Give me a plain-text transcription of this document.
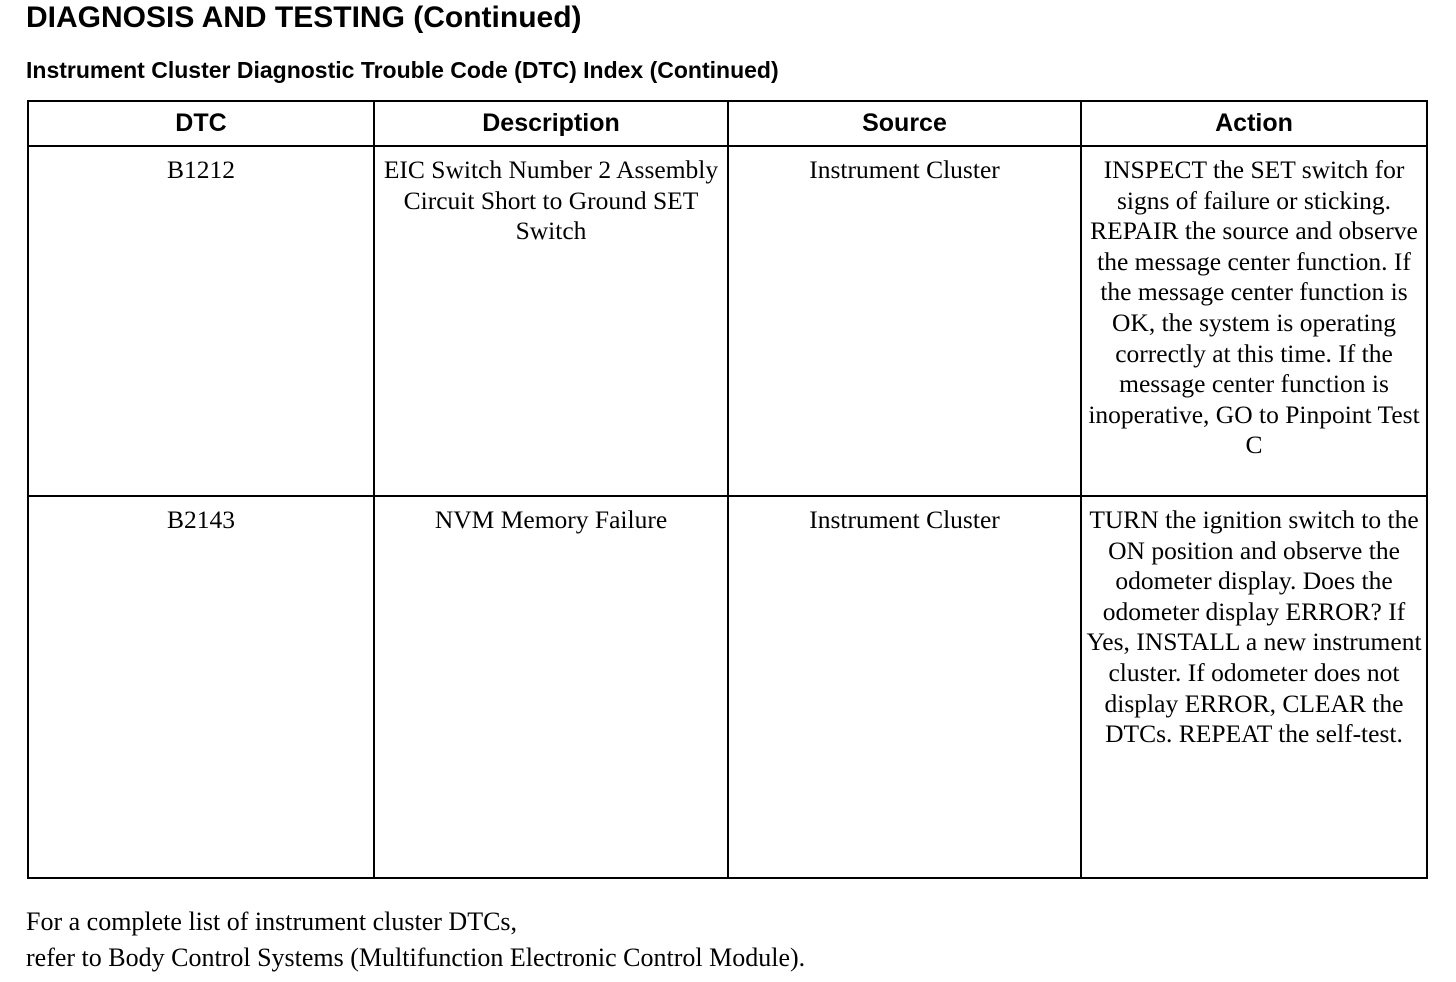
DIAGNOSIS AND TESTING (Continued)
Instrument Cluster Diagnostic Trouble Code (DTC) Index (Continued)
DTC	Description	Source	Action

B1212	EIC Switch Number 2 Assembly Circuit Short to Ground SET Switch	Instrument Cluster	INSPECT the SET switch for signs of failure or sticking. REPAIR the source and observe the message center function. If the message center function is OK, the system is operating correctly at this time. If the message center function is inoperative, GO to Pinpoint Test C

B2143	NVM Memory Failure	Instrument Cluster	TURN the ignition switch to the ON position and observe the odometer display. Does the odometer display ERROR? If Yes, INSTALL a new instrument cluster. If odometer does not display ERROR, CLEAR the DTCs. REPEAT the self-test.

For a complete list of instrument cluster DTCs,
refer to Body Control Systems (Multifunction Electronic Control Module).
